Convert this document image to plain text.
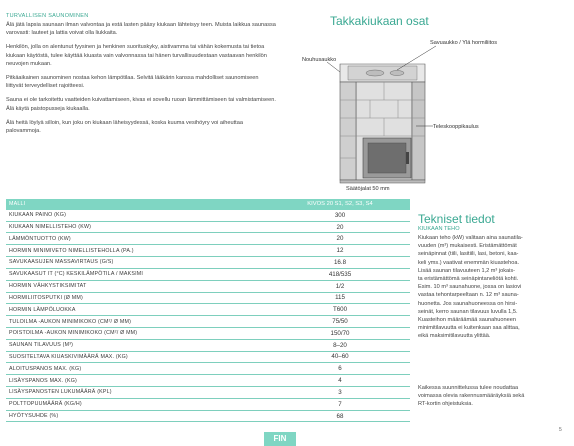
TURVALLISEN SAUNOMINEN

Älä jätä lapsia saunaan ilman valvontaa ja estä lasten pääsy kiukaan lähteisyy teen. Muista laikkua saunassa varovasti: lauteet ja lattia voivat olla liukkaita.

Henkilön, jolla on alentunut fyysinen ja henkinen suorituskyky, aistivamma tai vähän kokemusta tai tietoa kiukaan käytöstä, tulee käyttää kiuasta vain valvonnassa tai hänen turvallisuudestaan vastaavan henkilön neuvojen mukaan.

Pitkäaikainen saunominen nostaa kehon lämpötilaa. Selvitä lääkärin kanssa mahdolliset saunomiseen liittyvät terveydelliset rajoitteesi.

Sauna ei ole tarkoitettu vaatteiden kuivattamiseen, kivas ei sovellu ruoan lämmittämiseen tai valmistamiseen. Älä käytä paistopusseja kiukaalla.

Älä heitä löylyä silloin, kun joku on kiukaan läheisyydessä, koska kuuma vesihöyry voi aiheuttaa palovammoja.

Takkakiukaan osat
Nouhusaukko
Savuaukko / Ylä hormiliitos
Teleskooppikaulus
Säätöjalat 50 mm
MALLI	KIVOS 20 S1, S2, S3, S4
KIUKAAN PAINO (KG)	300
KIUKAAN NIMELLISTEHO (KW)	20
LÄMMÖNTUOTTO (KW)	20
HORMIN MINIMIVETO NIMELLISTEHOLLA (PA.)	12
SAVUKAASUJEN MASSAVIRTAUS (G/S)	16.8
SAVUKAASUT IT (°C) KESKILÄMPÖTILA / MAKSIMI	418/535
HORMIN VÄHKYSTIKSIMITAT	1/2
HORMILIITOSPUTKI (Ø MM)	115
HORMIN LÄMPÖLUOKKA	T600
TULOILMA -AUKON MINIMIKOKO (CM²/ Ø MM)	75/50
POISTOILMA -AUKON MINIMIKOKO (CM²/ Ø MM)	150/70
SAUNAN TILAVUUS (M³)	8–20
SUOSITELTAVA KIUASKIVIMÄÄRÄ MAX. (KG)	40–60
ALOITUSPANOS MAX. (KG)	6
LISÄYSPANOS MAX. (KG)	4
LISÄYSPANOSTEN LUKUMÄÄRÄ (KPL)	3
POLTTOPUUMÄÄRÄ (KG/H)	7
HYÖTYSUHDE (%)	68
Tekniset tiedot
KIUKAAN TEHO
Kiukaan teho (kW) valitaan aina saunatila-
vuuden (m³) mukaisesti. Eristämättömät
seinäpinnat (tiili, lasitiili, lasi, betoni, kaa-
keli yms.) vaativat enemmän kiuastehoa.
Lisää saunan tilavuuteen 1,2 m³ jokais-
ta eristämättömä seinäpintaneliötä kohti.
Esim. 10 m³ saunahuone, jossa on lasiovi
vastaa tehontarpeeltaan n. 12 m³ sauna-
huonetta. Jos saunahuoneessa on hirsi-
seinät, kerro saunan tilavuus luvulla 1,5.
Kuasteihon määräämää saunahuoneen
minimitilavuutta ei kuitenkaan saa alittaa,
eikä maksimitilavuutta ylittää.
Kaikessa suunnittelussa tulee noudattaa
voimassa olevia rakennusmääräyksiä sekä
RT-kortin ohjeistuksia.
FIN
5
